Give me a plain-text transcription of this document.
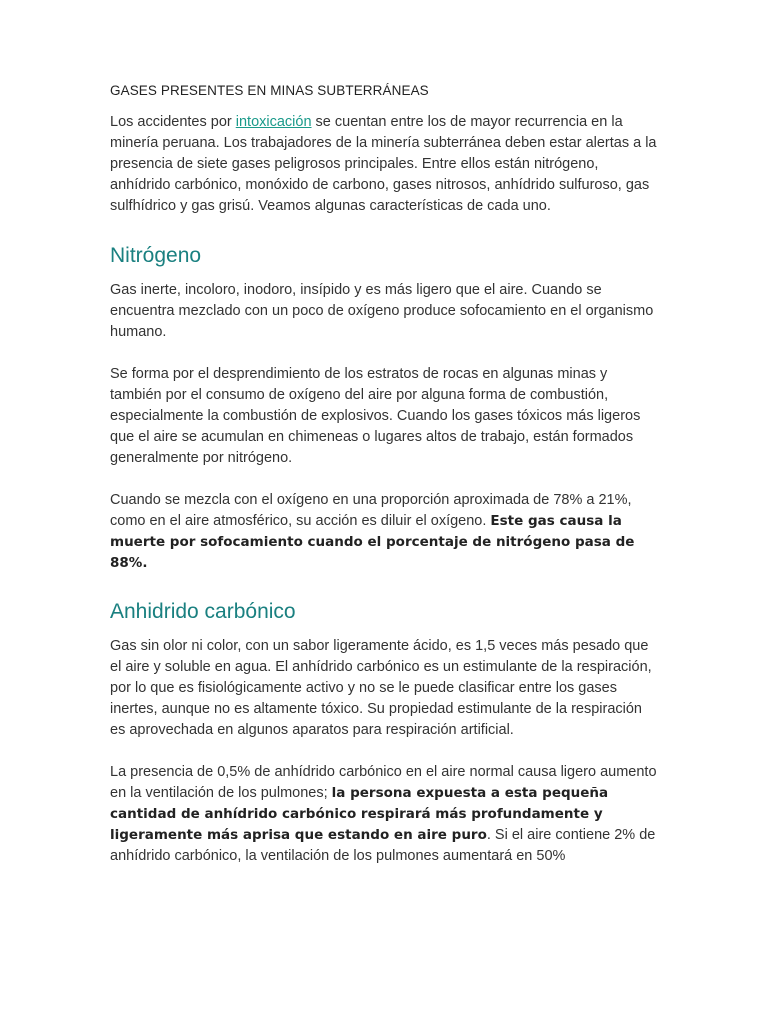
GASES PRESENTES EN MINAS SUBTERRÁNEAS

Los accidentes por intoxicación se cuentan entre los de mayor recurrencia en la minería peruana. Los trabajadores de la minería subterránea deben estar alertas a la presencia de siete gases peligrosos principales. Entre ellos están nitrógeno, anhídrido carbónico, monóxido de carbono, gases nitrosos, anhídrido sulfuroso, gas sulfhídrico y gas grisú. Veamos algunas características de cada uno.

Nitrógeno

Gas inerte, incoloro, inodoro, insípido y es más ligero que el aire. Cuando se encuentra mezclado con un poco de oxígeno produce sofocamiento en el organismo humano.

Se forma por el desprendimiento de los estratos de rocas en algunas minas y también por el consumo de oxígeno del aire por alguna forma de combustión, especialmente la combustión de explosivos. Cuando los gases tóxicos más ligeros que el aire se acumulan en chimeneas o lugares altos de trabajo, están formados generalmente por nitrógeno.

Cuando se mezcla con el oxígeno en una proporción aproximada de 78% a 21%, como en el aire atmosférico, su acción es diluir el oxígeno. Este gas causa la muerte por sofocamiento cuando el porcentaje de nitrógeno pasa de 88%.

Anhidrido carbónico

Gas sin olor ni color, con un sabor ligeramente ácido, es 1,5 veces más pesado que el aire y soluble en agua. El anhídrido carbónico es un estimulante de la respiración, por lo que es fisiológicamente activo y no se le puede clasificar entre los gases inertes, aunque no es altamente tóxico. Su propiedad estimulante de la respiración es aprovechada en algunos aparatos para respiración artificial.

La presencia de 0,5% de anhídrido carbónico en el aire normal causa ligero aumento en la ventilación de los pulmones; la persona expuesta a esta pequeña cantidad de anhídrido carbónico respirará más profundamente y ligeramente más aprisa que estando en aire puro. Si el aire contiene 2% de anhídrido carbónico, la ventilación de los pulmones aumentará en 50%
